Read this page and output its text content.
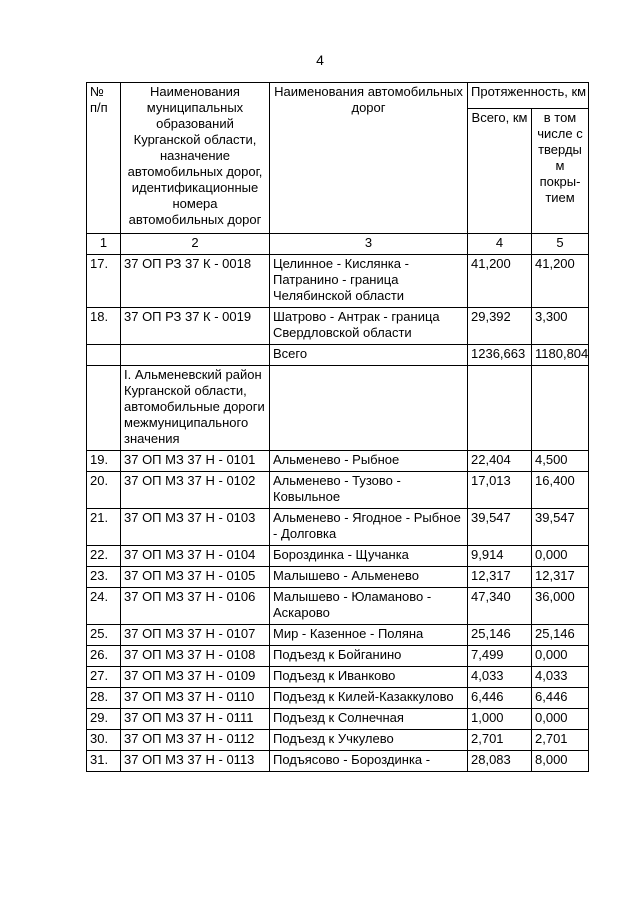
4
№ п/п	Наименования муниципальных образований Курганской области, назначение автомобильных дорог, идентификационные номера автомобильных дорог	Наименования автомобильных дорог	Протяженность, км	
			Всего, км	в том числе с твердым покры-тием
1	2	3	4	5
17.	37 ОП РЗ 37 К - 0018	Целинное - Кислянка - Патранино - граница Челябинской области	41,200	41,200
18.	37 ОП РЗ 37 К - 0019	Шатрово - Антрак - граница Свердловской области	29,392	3,300
		Всего	1236,663	1180,804
	I. Альменевский район Курганской области, автомобильные дороги межмуниципального значения			
19.	37 ОП МЗ 37 Н - 0101	Альменево - Рыбное	22,404	4,500
20.	37 ОП МЗ 37 Н - 0102	Альменево - Тузово - Ковыльное	17,013	16,400
21.	37 ОП МЗ 37 Н - 0103	Альменево - Ягодное - Рыбное - Долговка	39,547	39,547
22.	37 ОП МЗ 37 Н - 0104	Бороздинка - Щучанка	9,914	0,000
23.	37 ОП МЗ 37 Н - 0105	Малышево - Альменево	12,317	12,317
24.	37 ОП МЗ 37 Н - 0106	Малышево - Юламаново - Аскарово	47,340	36,000
25.	37 ОП МЗ 37 Н - 0107	Мир - Казенное - Поляна	25,146	25,146
26.	37 ОП МЗ 37 Н - 0108	Подъезд к Бойганино	7,499	0,000
27.	37 ОП МЗ 37 Н - 0109	Подъезд к Иванково	4,033	4,033
28.	37 ОП МЗ 37 Н - 0110	Подъезд к Килей-Казаккулово	6,446	6,446
29.	37 ОП МЗ 37 Н - 0111	Подъезд к Солнечная	1,000	0,000
30.	37 ОП МЗ 37 Н - 0112	Подъезд к Учкулево	2,701	2,701
31.	37 ОП МЗ 37 Н - 0113	Подъясово - Бороздинка -	28,083	8,000
